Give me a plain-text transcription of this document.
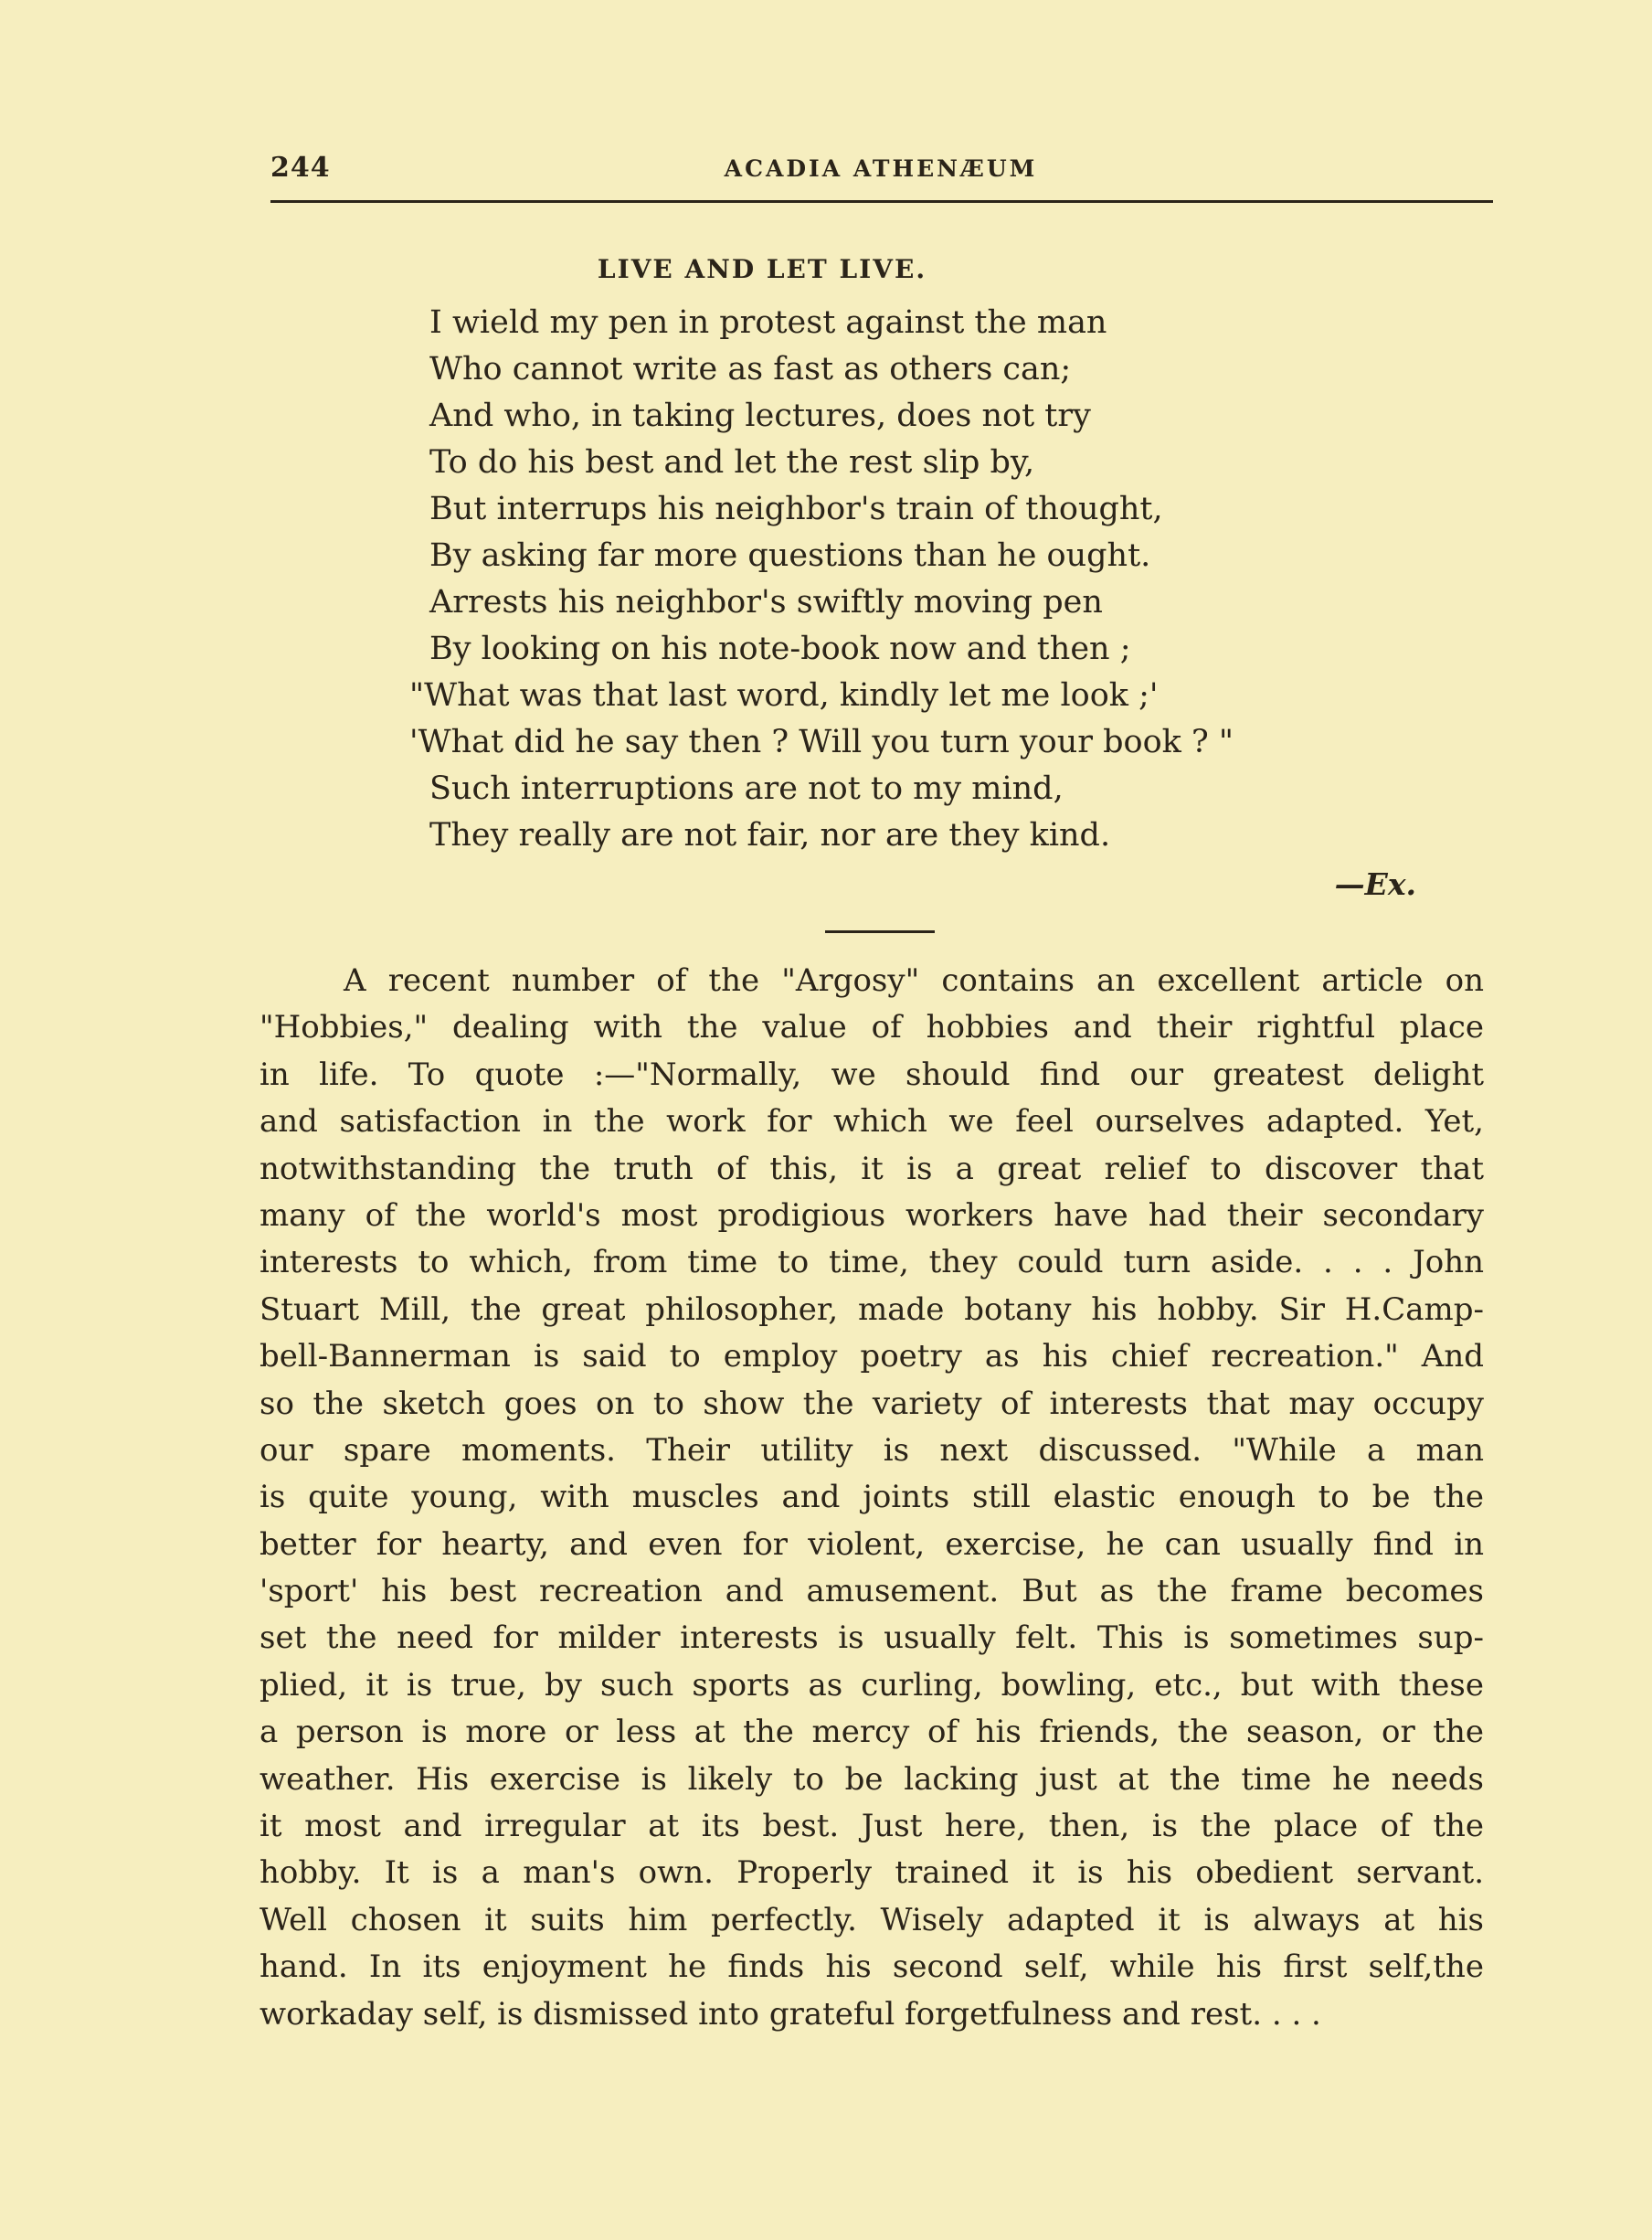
244	ACADIA ATHENÆUM
LIVE AND LET LIVE.
I wield my pen in protest against the man
Who cannot write as fast as others can;
And who, in taking lectures, does not try
To do his best and let the rest slip by,
But interrups his neighbor's train of thought,
By asking far more questions than he ought.
Arrests his neighbor's swiftly moving pen
By looking on his note-book now and then ;
"What was that last word, kindly let me look ;'
'What did he say then ? Will you turn your book ? "
Such interruptions are not to my mind,
They really are not fair, nor are they kind.
—Ex.
A recent number of the "Argosy" contains an excellent article on
"Hobbies," dealing with the value of hobbies and their rightful place
in life. To quote :—"Normally, we should find our greatest delight
and satisfaction in the work for which we feel ourselves adapted. Yet,
notwithstanding the truth of this, it is a great relief to discover that
many of the world's most prodigious workers have had their secondary
interests to which, from time to time, they could turn aside. . . . John
Stuart Mill, the great philosopher, made botany his hobby. Sir H.Camp-
bell-Bannerman is said to employ poetry as his chief recreation." And
so the sketch goes on to show the variety of interests that may occupy
our spare moments. Their utility is next discussed. "While a man
is quite young, with muscles and joints still elastic enough to be the
better for hearty, and even for violent, exercise, he can usually find in
'sport' his best recreation and amusement. But as the frame becomes
set the need for milder interests is usually felt. This is sometimes sup-
plied, it is true, by such sports as curling, bowling, etc., but with these
a person is more or less at the mercy of his friends, the season, or the
weather. His exercise is likely to be lacking just at the time he needs
it most and irregular at its best. Just here, then, is the place of the
hobby. It is a man's own. Properly trained it is his obedient servant.
Well chosen it suits him perfectly. Wisely adapted it is always at his
hand. In its enjoyment he finds his second self, while his first self,the
workaday self, is dismissed into grateful forgetfulness and rest. . . .
